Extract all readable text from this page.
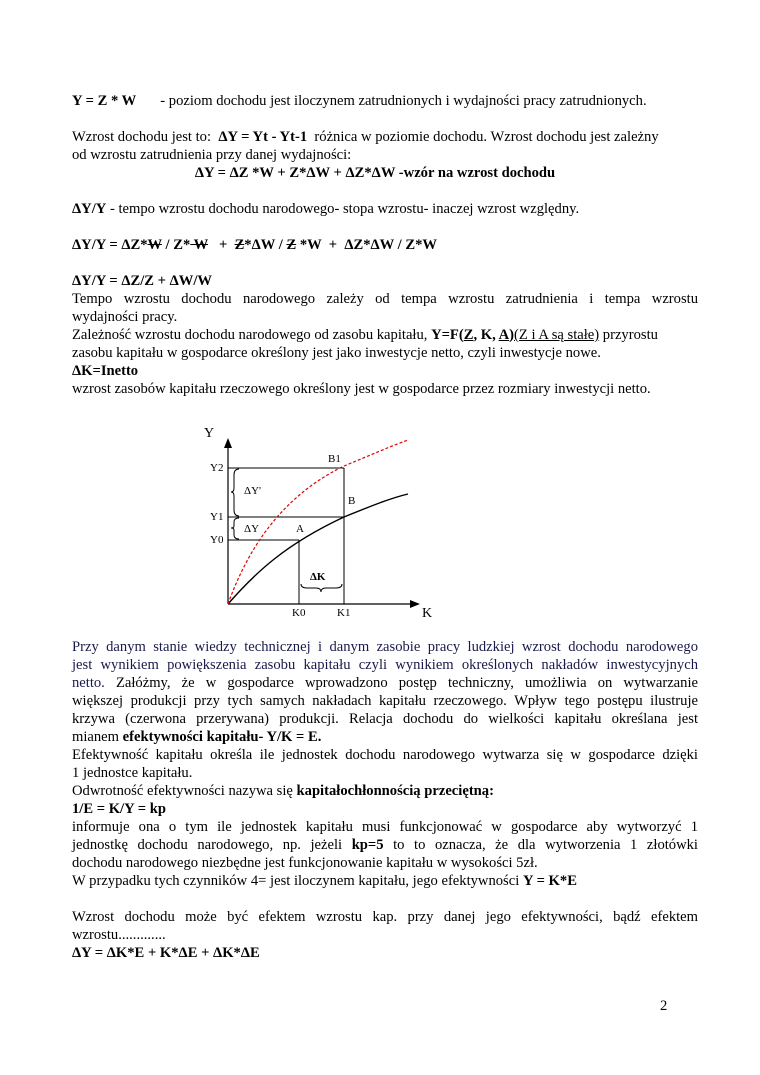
Y = Z * W - poziom dochodu jest iloczynem zatrudnionych i wydajności pracy zatrudnionych.
Wzrost dochodu jest to: ΔY = Yt - Yt-1 różnica w poziomie dochodu. Wzrost dochodu jest zależny
od wzrostu zatrudnienia przy danej wydajności:
ΔY = ΔZ *W + Z*ΔW + ΔZ*ΔW -wzór na wzrost dochodu
ΔY/Y - tempo wzrostu dochodu narodowego- stopa wzrostu- inaczej wzrost względny.
ΔY/Y = ΔZ*W / Z* W   +  Z*ΔW / Z *W  +  ΔZ*ΔW / Z*W
ΔY/Y = ΔZ/Z + ΔW/W
Tempo wzrostu dochodu narodowego zależy od tempa wzrostu zatrudnienia i tempa wzrostu
wydajności pracy.
Zależność wzrostu dochodu narodowego od zasobu kapitału, Y=F(Z, K, A)(Z i A są stałe) przyrostu
zasobu kapitału w gospodarce określony jest jako inwestycje netto, czyli inwestycje nowe.
ΔK=Inetto
wzrost zasobów kapitału rzeczowego określony jest w gospodarce przez rozmiary inwestycji netto.
Y
K
Y2
Y1
Y0
K0	K1
A
B
B1
ΔY'
ΔY
ΔK
Przy danym stanie wiedzy technicznej i danym zasobie pracy ludzkiej wzrost dochodu narodowego
jest wynikiem powiększenia zasobu kapitału czyli wynikiem określonych nakładów inwestycyjnych
netto. Załóżmy, że w gospodarce wprowadzono postęp techniczny, umożliwia on wytwarzanie
większej produkcji przy tych samych nakładach kapitału rzeczowego. Wpływ tego postępu ilustruje
krzywa (czerwona przerywana) produkcji. Relacja dochodu do wielkości kapitału określana jest
mianem efektywności kapitału- Y/K = E.
Efektywność kapitału określa ile jednostek dochodu narodowego wytwarza się w gospodarce dzięki
1 jednostce kapitału.
Odwrotność efektywności nazywa się kapitałochłonnością przeciętną:
1/E = K/Y = kp
informuje ona o tym ile jednostek kapitału musi funkcjonować w gospodarce aby wytworzyć 1
jednostkę dochodu narodowego, np. jeżeli kp=5 to to oznacza, że dla wytworzenia 1 złotówki
dochodu narodowego niezbędne jest funkcjonowanie kapitału w wysokości 5zł.
W przypadku tych czynników 4= jest iloczynem kapitału, jego efektywności Y = K*E
Wzrost dochodu może być efektem wzrostu kap. przy danej jego efektywności, bądź efektem
wzrostu.............
ΔY = ΔK*E + K*ΔE + ΔK*ΔE
2
